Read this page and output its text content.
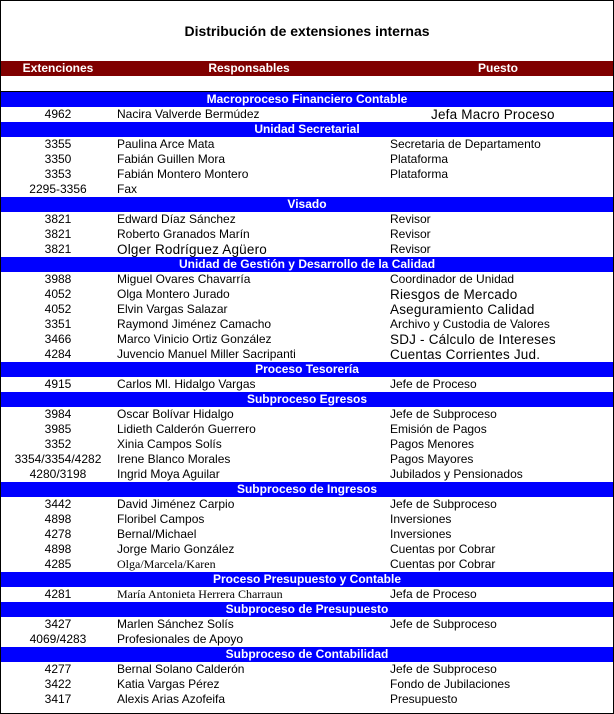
Distribución de extensiones internas
Extenciones	Responsables	Puesto
Macroproceso Financiero Contable
4962	Nacira Valverde Bermúdez	Jefa Macro Proceso
Unidad Secretarial
3355	Paulina Arce Mata	Secretaria de Departamento
3350	Fabián Guillen Mora	Plataforma
3353	Fabián Montero Montero	Plataforma
2295-3356	Fax
Visado
3821	Edward Díaz Sánchez	Revisor
3821	Roberto Granados Marín	Revisor
3821	Olger Rodríguez Agüero	Revisor
Unidad de Gestión y Desarrollo de la Calidad
3988	Miguel Ovares Chavarría	Coordinador de Unidad
4052	Olga Montero Jurado	Riesgos de Mercado
4052	Elvin Vargas Salazar	Aseguramiento Calidad
3351	Raymond Jiménez Camacho	Archivo y Custodia de Valores
3466	Marco Vinicio Ortiz González	SDJ - Cálculo de Intereses
4284	Juvencio Manuel Miller Sacripanti	Cuentas Corrientes Jud.
Proceso Tesorería
4915	Carlos Ml. Hidalgo Vargas	Jefe de Proceso
Subproceso Egresos
3984	Oscar Bolívar Hidalgo	Jefe de Subproceso
3985	Lidieth Calderón Guerrero	Emisión de Pagos
3352	Xinia Campos Solís	Pagos Menores
3354/3354/4282	Irene Blanco Morales	Pagos Mayores
4280/3198	Ingrid Moya Aguilar	Jubilados y Pensionados
Subproceso de Ingresos
3442	David Jiménez Carpio	Jefe de Subproceso
4898	Floribel Campos	Inversiones
4278	Bernal/Michael	Inversiones
4898	Jorge Mario González	Cuentas por Cobrar
4285	Olga/Marcela/Karen	Cuentas por Cobrar
Proceso Presupuesto y Contable
4281	María Antonieta Herrera Charraun	Jefa de Proceso
Subproceso de Presupuesto
3427	Marlen Sánchez Solís	Jefe de Subproceso
4069/4283	Profesionales de Apoyo
Subproceso de Contabilidad
4277	Bernal Solano Calderón	Jefe de Subproceso
3422	Katia Vargas Pérez	Fondo de Jubilaciones
3417	Alexis Arias Azofeifa	Presupuesto
